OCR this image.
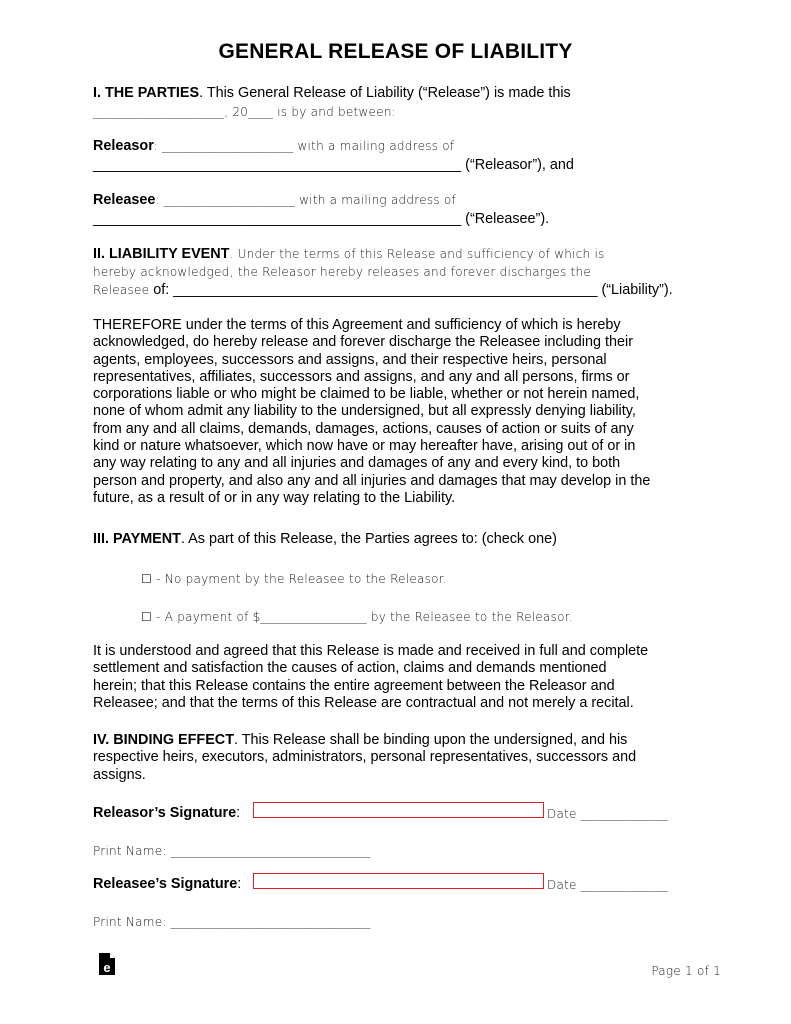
GENERAL RELEASE OF LIABILITY
I. THE PARTIES. This General Release of Liability (“Release”) is made this
_____________________, 20____ is by and between:
Releasor: _____________________ with a mailing address of
______________________________________________ (“Releasor”), and
Releasee: _____________________ with a mailing address of
______________________________________________ (“Releasee”).
II. LIABILITY EVENT. Under the terms of this Release and sufficiency of which is
hereby acknowledged, the Releasor hereby releases and forever discharges the
Releasee of: _____________________________________________________ (“Liability”).
THEREFORE under the terms of this Agreement and sufficiency of which is hereby
acknowledged, do hereby release and forever discharge the Releasee including their
agents, employees, successors and assigns, and their respective heirs, personal
representatives, affiliates, successors and assigns, and any and all persons, firms or
corporations liable or who might be claimed to be liable, whether or not herein named,
none of whom admit any liability to the undersigned, but all expressly denying liability,
from any and all claims, demands, damages, actions, causes of action or suits of any
kind or nature whatsoever, which now have or may hereafter have, arising out of or in
any way relating to any and all injuries and damages of any and every kind, to both
person and property, and also any and all injuries and damages that may develop in the
future, as a result of or in any way relating to the Liability.
III. PAYMENT. As part of this Release, the Parties agrees to: (check one)
☐ - No payment by the Releasee to the Releasor.
☐ - A payment of $_________________ by the Releasee to the Releasor.
It is understood and agreed that this Release is made and received in full and complete
settlement and satisfaction the causes of action, claims and demands mentioned
herein; that this Release contains the entire agreement between the Releasor and
Releasee; and that the terms of this Release are contractual and not merely a recital.
IV. BINDING EFFECT. This Release shall be binding upon the undersigned, and his
respective heirs, executors, administrators, personal representatives, successors and
assigns.
Releasor’s Signature: _______________________________	Date ______________
Print Name: ________________________________
Releasee’s Signature: _______________________________	Date ______________
Print Name: ________________________________
e	Page 1 of 1
